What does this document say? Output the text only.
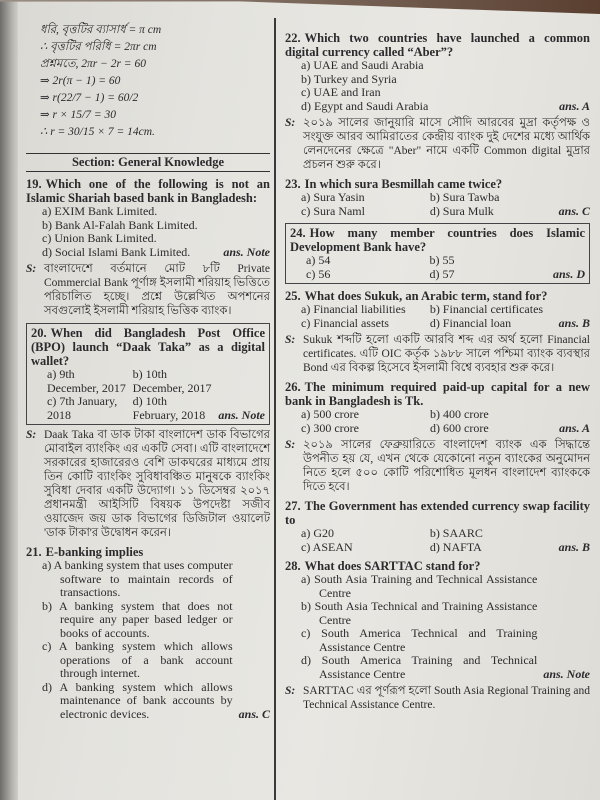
ধরি, বৃত্তটির ব্যাসার্ধ = π cm
∴ বৃত্তটির পরিধি = 2πr cm
প্রশ্নমতে, 2πr − 2r = 60
⇒ 2r(π − 1) = 60
⇒ r(22/7 − 1) = 60/2
⇒ r × 15/7 = 30
∴ r = 30/15 × 7 = 14cm.
Section: General Knowledge
19. Which one of the following is not an Islamic Shariah based bank in Bangladesh:
a) EXIM Bank Limited.
b) Bank Al-Falah Bank Limited.
c) Union Bank Limited.
d) Social Islami Bank Limited.	ans. Note
S: বাংলাদেশে বর্তমানে মোট ৮টি Private Commercial Bank পূর্ণাঙ্গ ইসলামী শরিয়াহ ভিত্তিতে পরিচালিত হচ্ছে। প্রশ্নে উল্লেখিত অপশনের সবগুলোই ইসলামী শরিয়াহ ভিত্তিক ব্যাংক।
20. When did Bangladesh Post Office (BPO) launch “Daak Taka” as a digital wallet?
a) 9th December, 2017
b) 10th December, 2017
c) 7th January, 2018
d) 10th February, 2018	ans. Note
S: Daak Taka বা ডাক টাকা বাংলাদেশ ডাক বিভাগের মোবাইল ব্যাংকিং এর একটি সেবা। এটি বাংলাদেশে সরকারের হাজারেরও বেশি ডাকঘরের মাধ্যমে প্রায় তিন কোটি ব্যাংকিং সুবিধাবঞ্চিত মানুষকে ব্যাংকিং সুবিধা দেবার একটি উদ্যোগ। ১১ ডিসেম্বর ২০১৭ প্রধানমন্ত্রী আইসিটি বিষয়ক উপদেষ্টা সজীব ওয়াজেদ জয় ডাক বিভাগের ডিজিটাল ওয়ালেট 'ডাক টাকা'র উদ্বোধন করেন।
21. E-banking implies
a) A banking system that uses computer software to maintain records of transactions.
b) A banking system that does not require any paper based ledger or books of accounts.
c) A banking system which allows operations of a bank account through internet.
d) A banking system which allows maintenance of bank accounts by electronic devices.	ans. C
22. Which two countries have launched a common digital currency called “Aber”?
a) UAE and Saudi Arabia
b) Turkey and Syria
c) UAE and Iran
d) Egypt and Saudi Arabia	ans. A
S: ২০১৯ সালের জানুয়ারি মাসে সৌদি আরবের মুদ্রা কর্তৃপক্ষ ও সংযুক্ত আরব আমিরাতের কেন্দ্রীয় ব্যাংক দুই দেশের মধ্যে আর্থিক লেনদেনের ক্ষেত্রে "Aber" নামে একটি Common digital মুদ্রার প্রচলন শুরু করে।
23. In which sura Besmillah came twice?
a) Sura Yasin	b) Sura Tawba
c) Sura Naml	d) Sura Mulk	ans. C
24. How many member countries does Islamic Development Bank have?
a) 54	b) 55
c) 56	d) 57	ans. D
25. What does Sukuk, an Arabic term, stand for?
a) Financial liabilities	b) Financial certificates
c) Financial assets	d) Financial loan	ans. B
S: Sukuk শব্দটি হলো একটি আরবি শব্দ এর অর্থ হলো Financial certificates. এটি OIC কর্তৃক ১৯৮৮ সালে পশ্চিমা ব্যাংক ব্যবস্থার Bond এর বিকল্প হিসেবে ইসলামী বিশ্বে ব্যবহার শুরু করে।
26. The minimum required paid-up capital for a new bank in Bangladesh is Tk.
a) 500 crore	b) 400 crore
c) 300 crore	d) 600 crore	ans. A
S: ২০১৯ সালের ফেব্রুয়ারিতে বাংলাদেশ ব্যাংক এক সিদ্ধান্তে উপনীত হয় যে, এখন থেকে যেকোনো নতুন ব্যাংকের অনুমোদন নিতে হলে ৫০০ কোটি পরিশোধিত মূলধন বাংলাদেশ ব্যাংককে দিতে হবে।
27. The Government has extended currency swap facility to
a) G20	b) SAARC
c) ASEAN	d) NAFTA	ans. B
28. What does SARTTAC stand for?
a) South Asia Training and Technical Assistance Centre
b) South Asia Technical and Training Assistance Centre
c) South America Technical and Training Assistance Centre
d) South America Training and Technical Assistance Centre	ans. Note
S: SARTTAC এর পূর্ণরূপ হলো South Asia Regional Training and Technical Assistance Centre.
